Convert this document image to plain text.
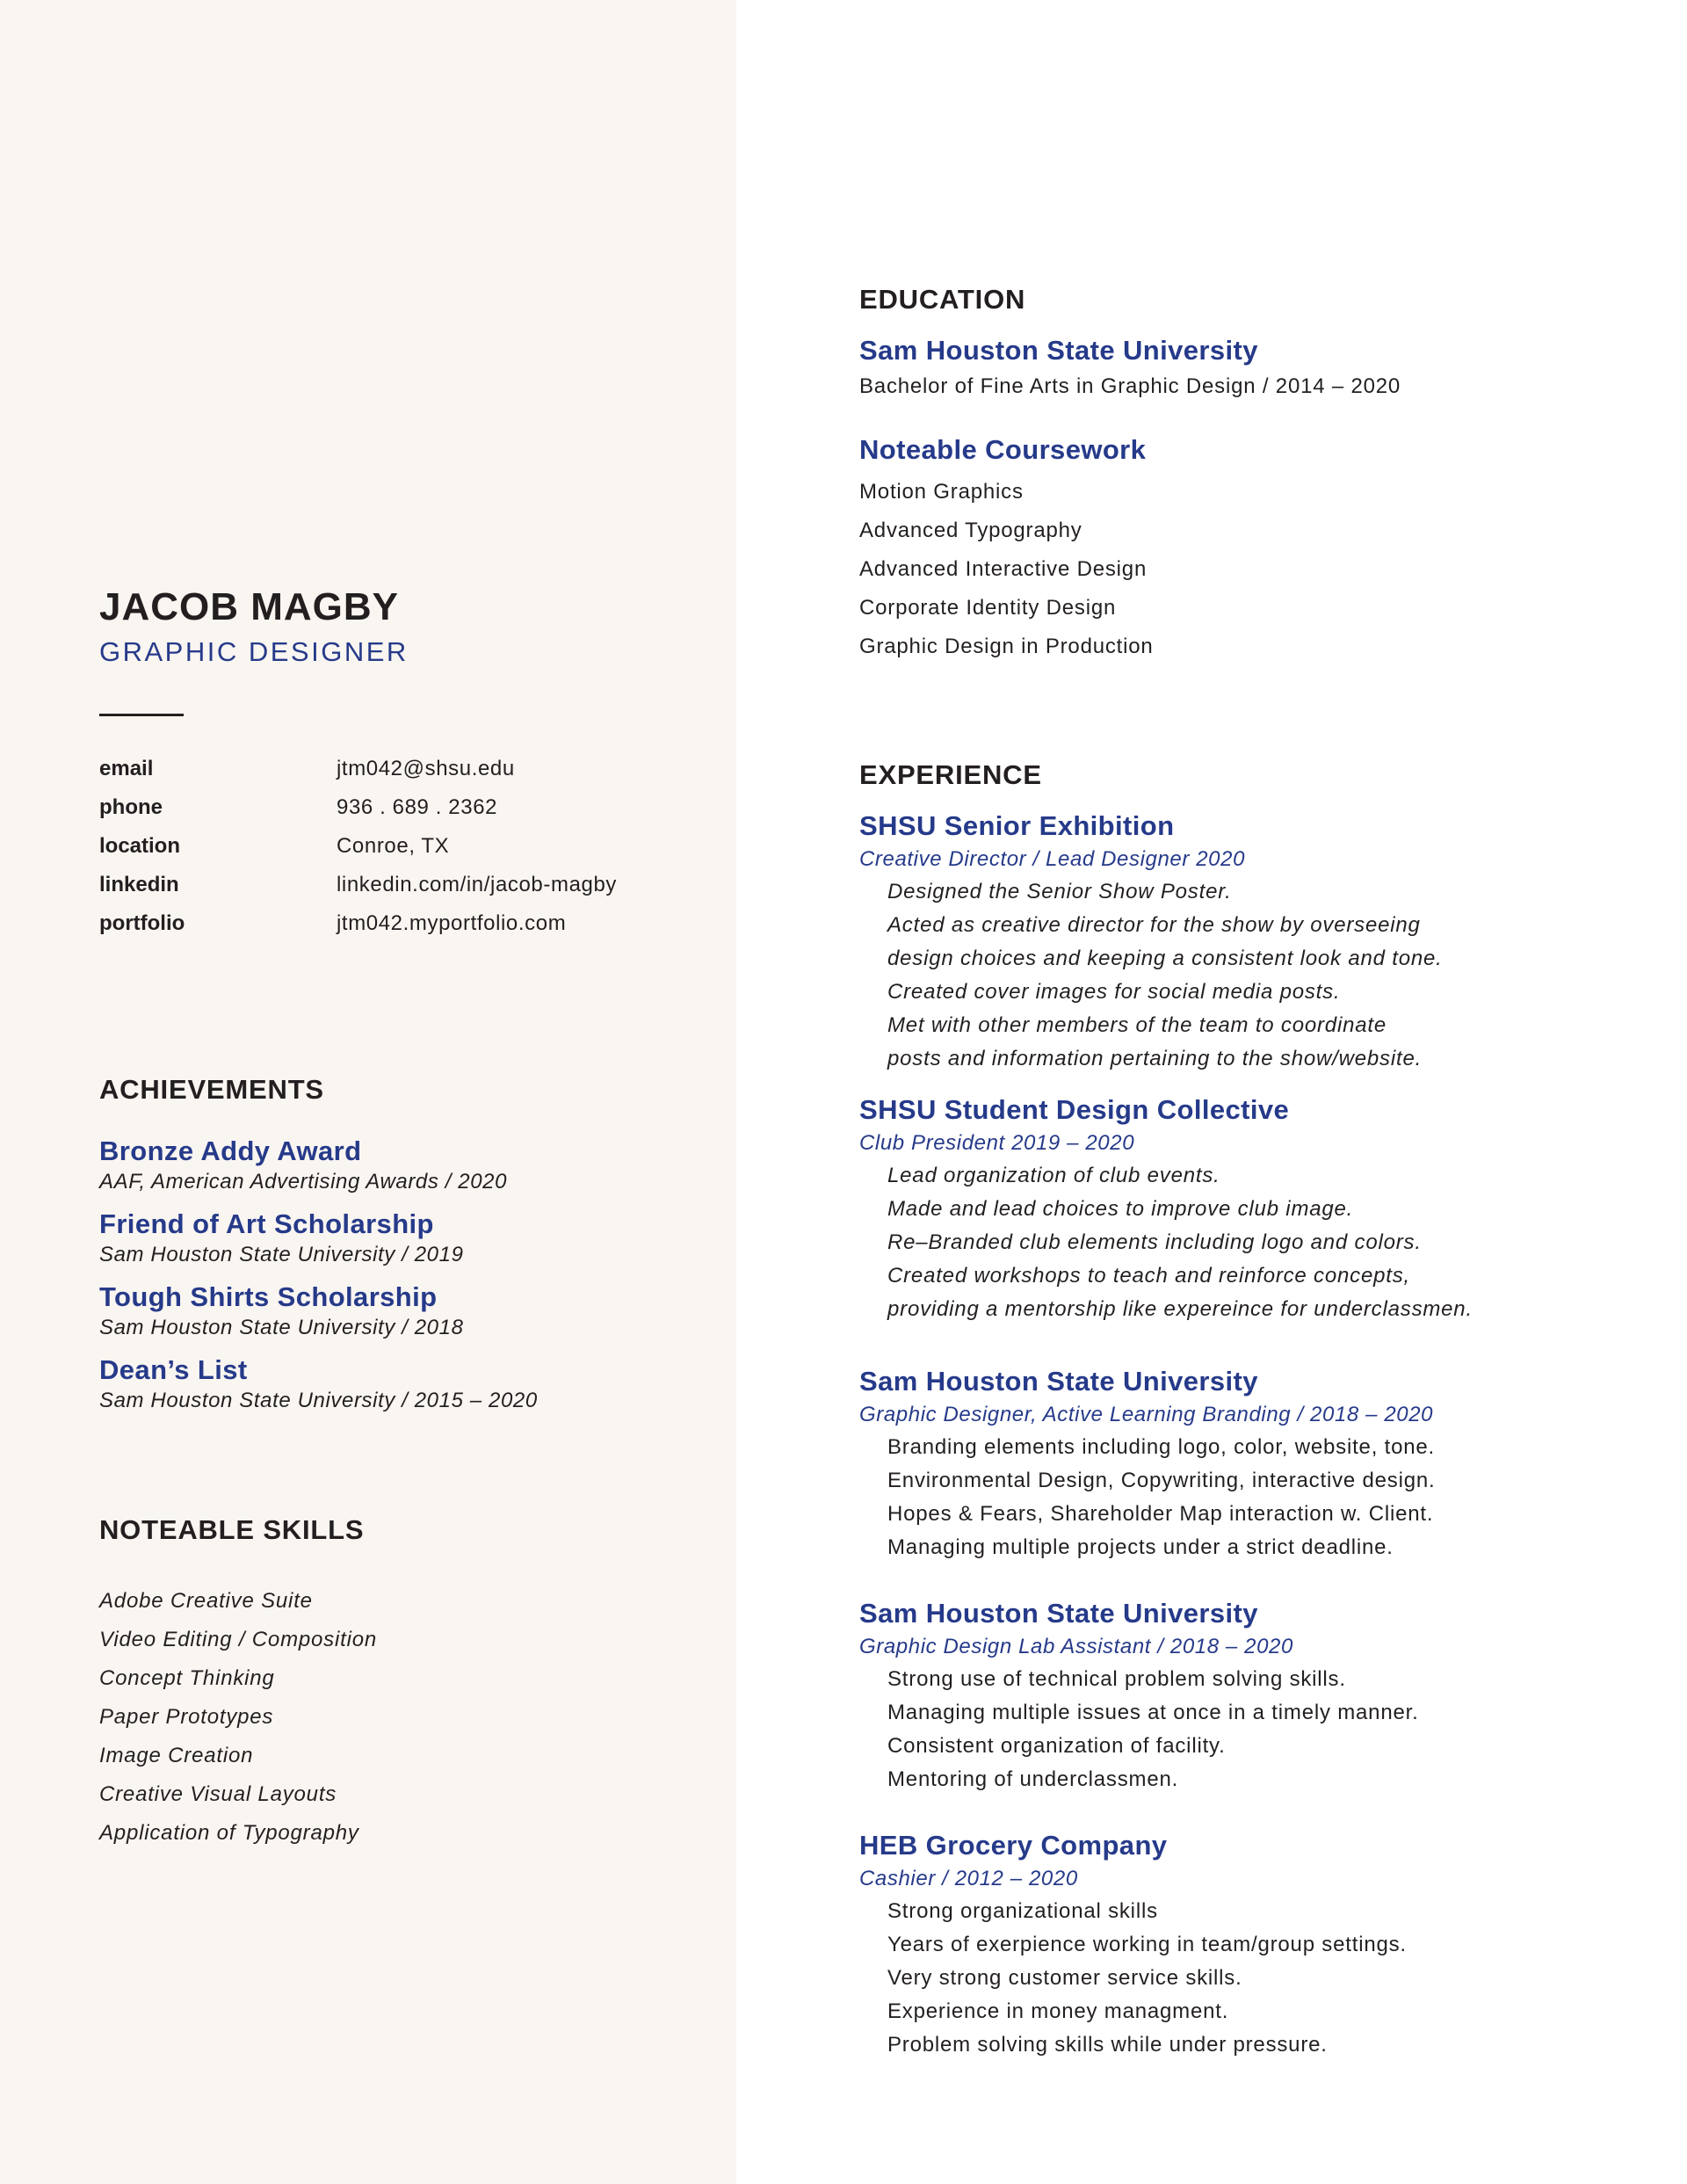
JACOB MAGBY
GRAPHIC DESIGNER
email	jtm042@shsu.edu
phone	936 . 689 . 2362
location	Conroe, TX
linkedin	linkedin.com/in/jacob-magby
portfolio	jtm042.myportfolio.com
ACHIEVEMENTS
Bronze Addy Award
AAF, American Advertising Awards / 2020
Friend of Art Scholarship
Sam Houston State University / 2019
Tough Shirts Scholarship
Sam Houston State University / 2018
Dean’s List
Sam Houston State University / 2015 – 2020
NOTEABLE SKILLS
Adobe Creative Suite
Video Editing / Composition
Concept Thinking
Paper Prototypes
Image Creation
Creative Visual Layouts
Application of Typography
EDUCATION
Sam Houston State University
Bachelor of Fine Arts in Graphic Design / 2014 – 2020
Noteable Coursework
Motion Graphics
Advanced Typography
Advanced Interactive Design
Corporate Identity Design
Graphic Design in Production
EXPERIENCE
SHSU Senior Exhibition
Creative Director / Lead Designer 2020
Designed the Senior Show Poster.
Acted as creative director for the show by overseeing
design choices and keeping a consistent look and tone.
Created cover images for social media posts.
Met with other members of the team to coordinate
posts and information pertaining to the show/website.
SHSU Student Design Collective
Club President 2019 – 2020
Lead organization of club events.
Made and lead choices to improve club image.
Re–Branded club elements including logo and colors.
Created workshops to teach and reinforce concepts,
providing a mentorship like expereince for underclassmen.
Sam Houston State University
Graphic Designer, Active Learning Branding / 2018 – 2020
Branding elements including logo, color, website, tone.
Environmental Design, Copywriting, interactive design.
Hopes & Fears, Shareholder Map interaction w. Client.
Managing multiple projects under a strict deadline.
Sam Houston State University
Graphic Design Lab Assistant / 2018 – 2020
Strong use of technical problem solving skills.
Managing multiple issues at once in a timely manner.
Consistent organization of facility.
Mentoring of underclassmen.
HEB Grocery Company
Cashier / 2012 – 2020
Strong organizational skills
Years of exerpience working in team/group settings.
Very strong customer service skills.
Experience in money managment.
Problem solving skills while under pressure.
